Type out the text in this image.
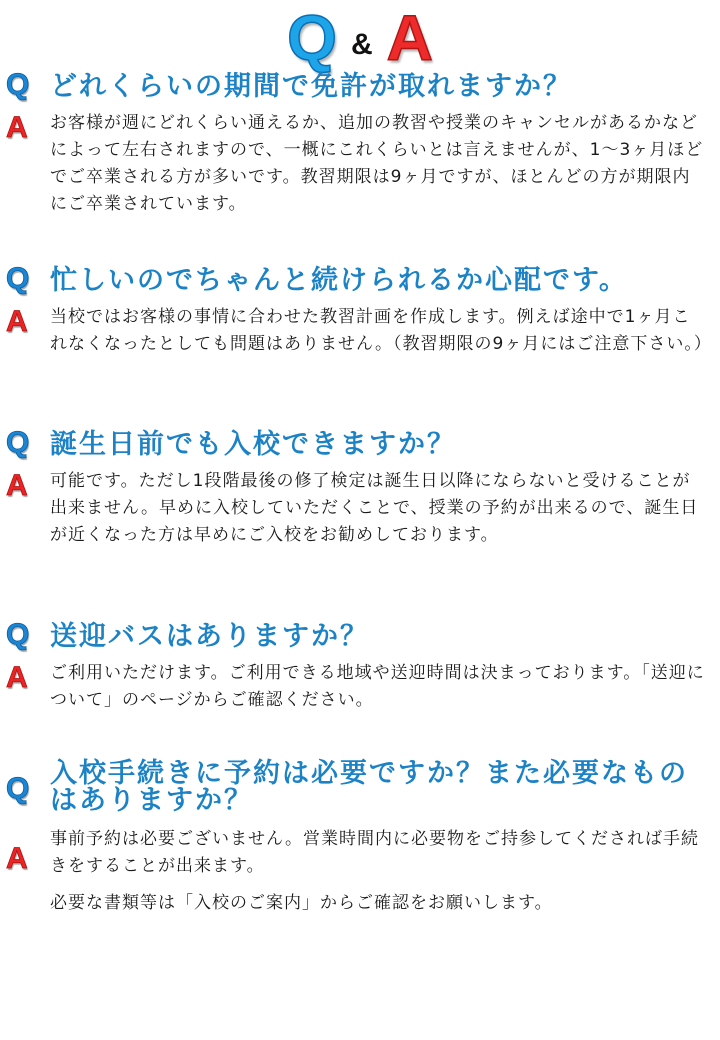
Q & A
Q どれくらいの期間で免許が取れますか？
A お客様が週にどれくらい通えるか、追加の教習や授業のキャンセルがあるかなどによって左右されますので、一概にこれくらいとは言えませんが、1～3ヶ月ほどでご卒業される方が多いです。教習期限は9ヶ月ですが、ほとんどの方が期限内にご卒業されています。

Q 忙しいのでちゃんと続けられるか心配です。
A 当校ではお客様の事情に合わせた教習計画を作成します。例えば途中で1ヶ月これなくなったとしても問題はありません。（教習期限の9ヶ月にはご注意下さい。）

Q 誕生日前でも入校できますか？
A 可能です。ただし1段階最後の修了検定は誕生日以降にならないと受けることが出来ません。早めに入校していただくことで、授業の予約が出来るので、誕生日が近くなった方は早めにご入校をお勧めしております。

Q 送迎バスはありますか？
A ご利用いただけます。ご利用できる地域や送迎時間は決まっております。「送迎について」のページからご確認ください。

Q 入校手続きに予約は必要ですか？また必要なものはありますか？
A

事前予約は必要ございません。営業時間内に必要物をご持参してくだされば手続きをすることが出来ます。

必要な書類等は「入校のご案内」からご確認をお願いします。
